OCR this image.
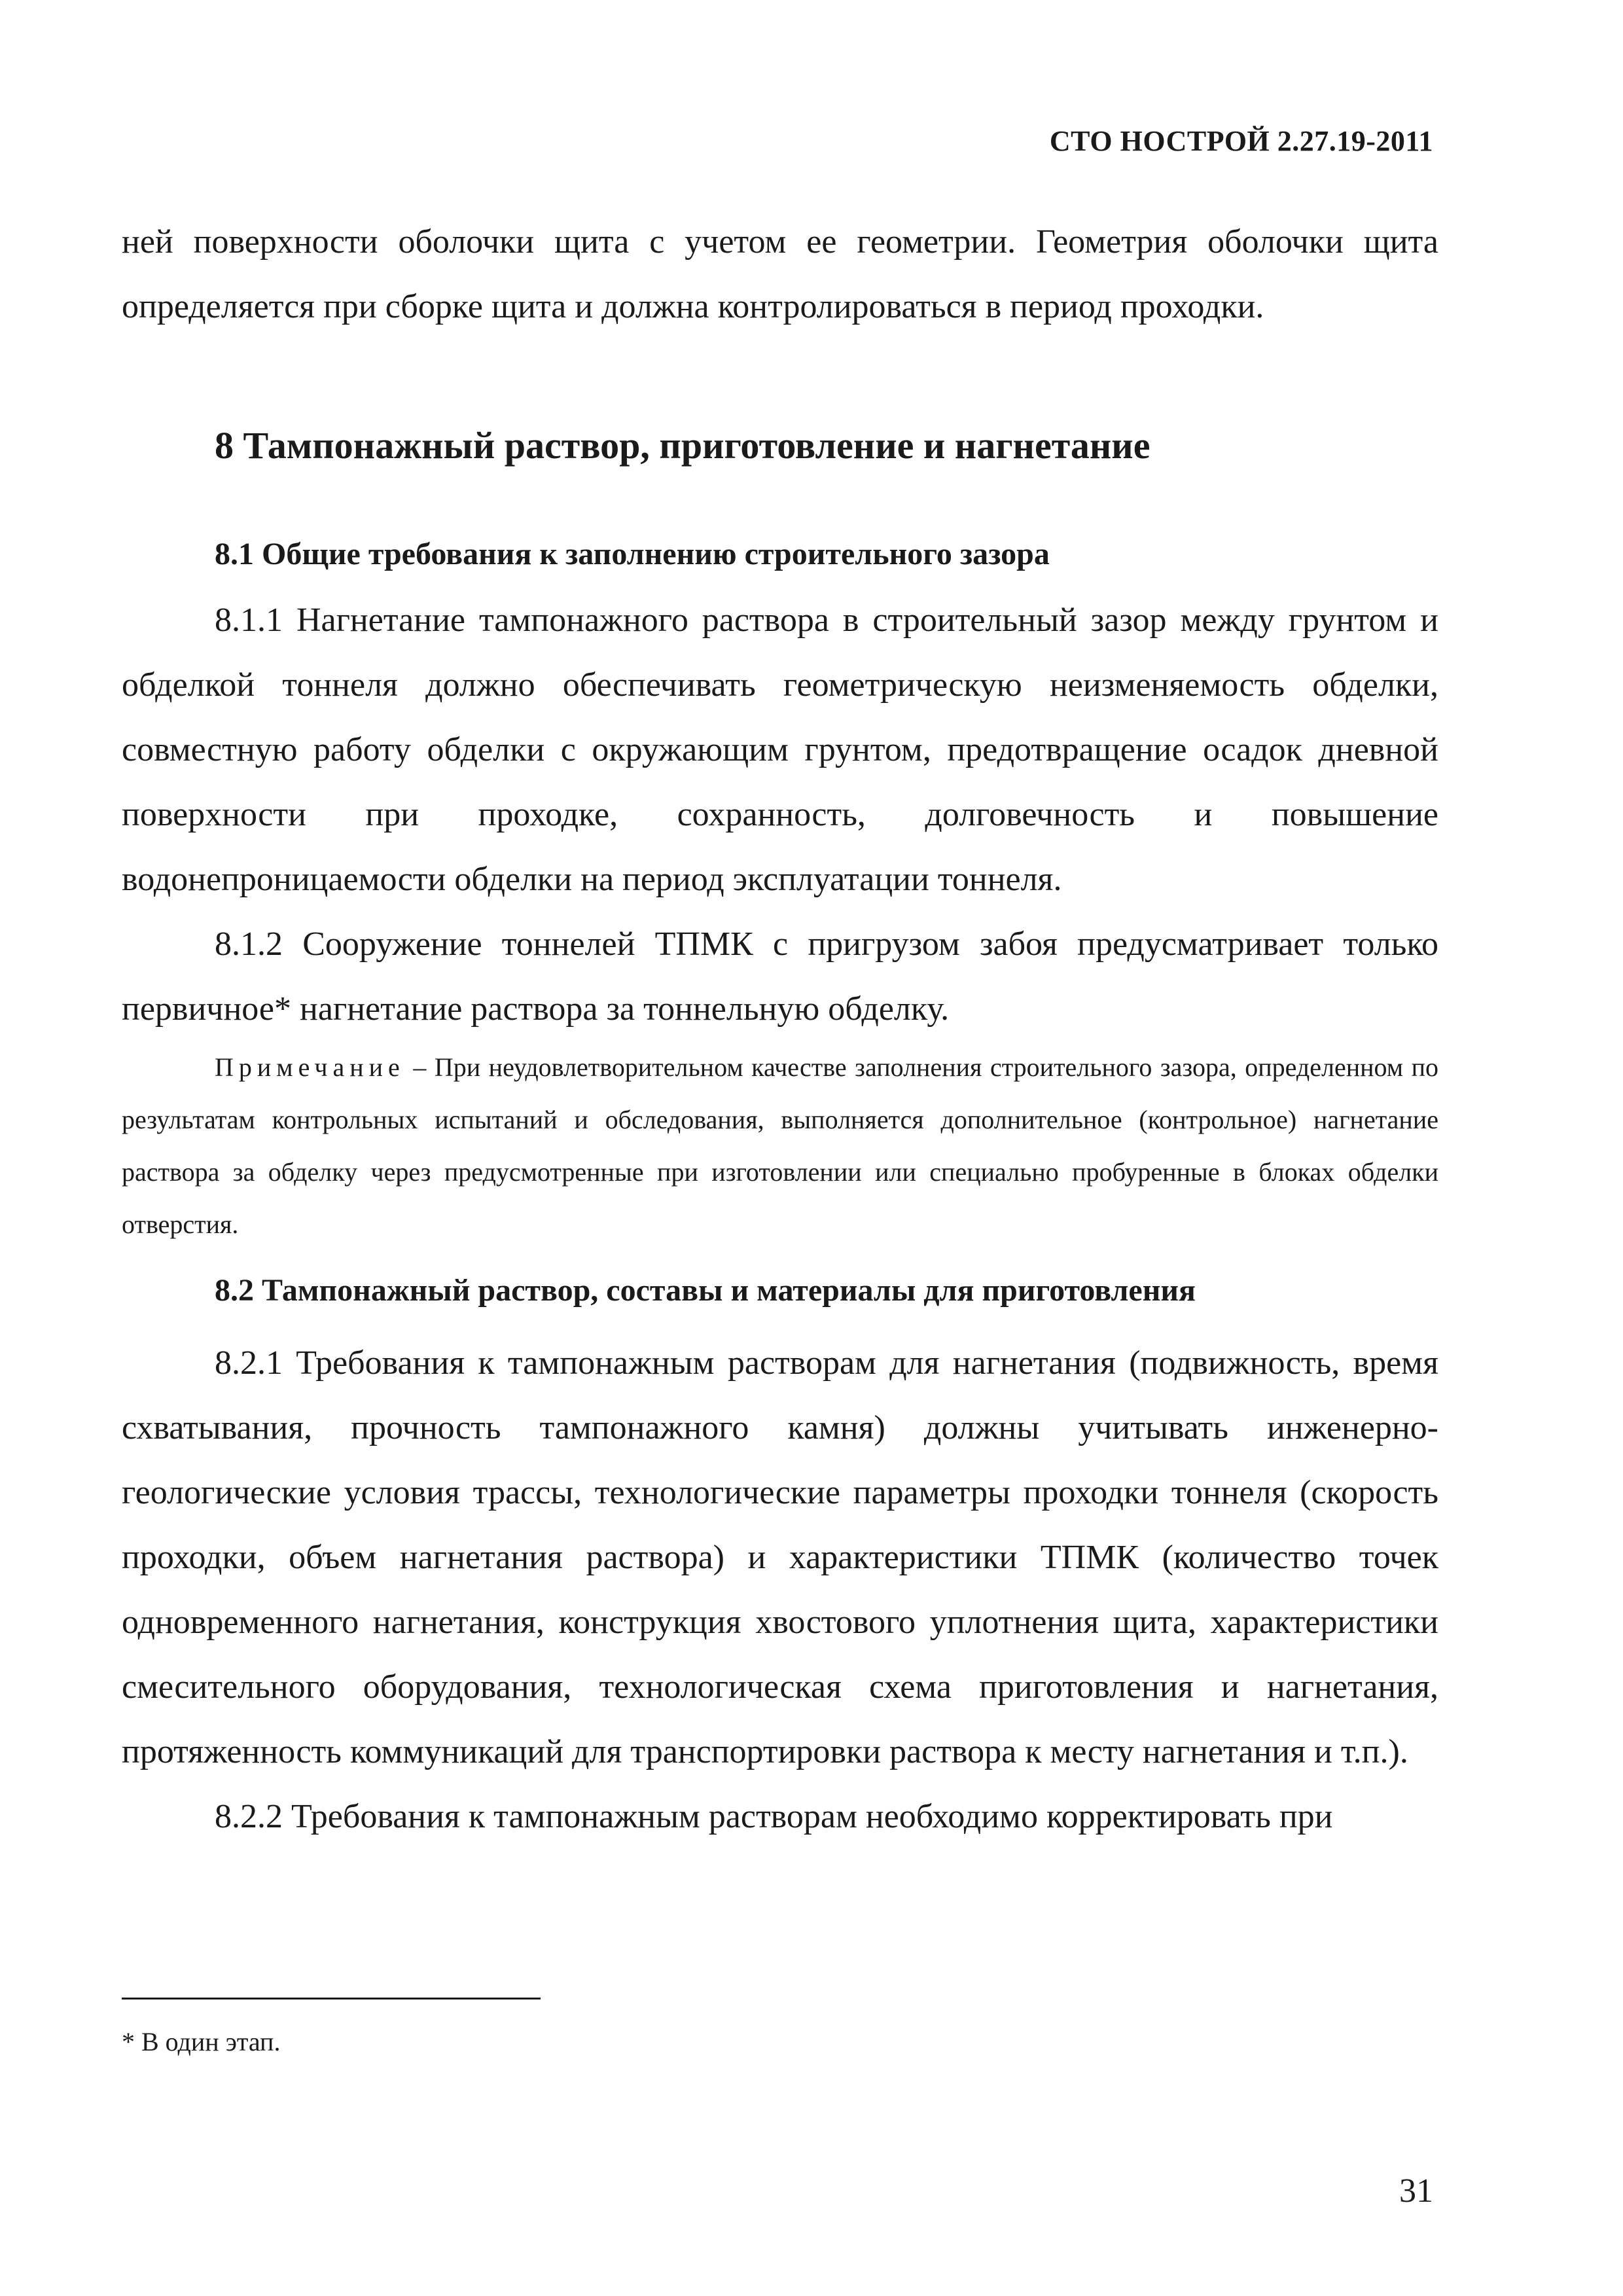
СТО НОСТРОЙ 2.27.19-2011

ней поверхности оболочки щита с учетом ее геометрии. Геометрия оболочки щита определяется при сборке щита и должна контролироваться в период проходки.

8 Тампонажный раствор, приготовление и нагнетание
8.1 Общие требования к заполнению строительного зазора

8.1.1 Нагнетание тампонажного раствора в строительный зазор между грунтом и обделкой тоннеля должно обеспечивать геометрическую неизменяемость обделки, совместную работу обделки с окружающим грунтом, предотвращение осадок дневной поверхности при проходке, сохранность, долговечность и повышение водонепроницаемости обделки на период эксплуатации тоннеля.

8.1.2 Сооружение тоннелей ТПМК с пригрузом забоя предусматривает только первичное* нагнетание раствора за тоннельную обделку.

Примечание – При неудовлетворительном качестве заполнения строительного зазора, определенном по результатам контрольных испытаний и обследования, выполняется дополнительное (контрольное) нагнетание раствора за обделку через предусмотренные при изготовлении или специально пробуренные в блоках обделки отверстия.

8.2 Тампонажный раствор, составы и материалы для приготовления

8.2.1 Требования к тампонажным растворам для нагнетания (подвижность, время схватывания, прочность тампонажного камня) должны учитывать инженерно-геологические условия трассы, технологические параметры проходки тоннеля (скорость проходки, объем нагнетания раствора) и характеристики ТПМК (количество точек одновременного нагнетания, конструкция хвостового уплотнения щита, характеристики смесительного оборудования, технологическая схема приготовления и нагнетания, протяженность коммуникаций для транспортировки раствора к месту нагнетания и т.п.).

8.2.2 Требования к тампонажным растворам необходимо корректировать при

* В один этап.
31
